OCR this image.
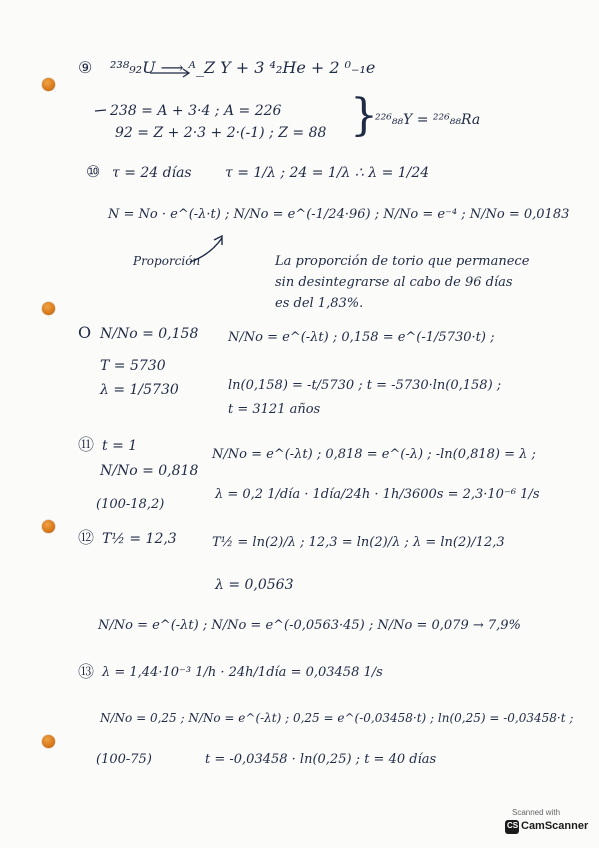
⑨ ²³⁸₉₂U ⟶ ᴬ_Z Y + 3 ⁴₂He + 2 ⁰₋₁e
238 = A + 3·4 ; A = 226
92 = Z + 2·3 + 2·(-1) ; Z = 88 }
²²⁶₈₈Y = ²²⁶₈₈Ra
⑩ τ = 24 días τ = 1/λ ; 24 = 1/λ ∴ λ = 1/24
N = No · e^(-λ·t) ; N/No = e^(-1/24·96) ; N/No = e⁻⁴ ; N/No = 0,0183
Proporción	La proporción de torio que permanece
sin desintegrarse al cabo de 96 días
es del 1,83%.
O N/No = 0,158
T = 5730
λ = 1/5730
N/No = e^(-λt) ; 0,158 = e^(-1/5730·t) ;
ln(0,158) = -t/5730 ; t = -5730·ln(0,158) ;
t = 3121 años
⑪ t = 1
N/No = 0,818
(100-18,2)
N/No = e^(-λt) ; 0,818 = e^(-λ) ; -ln(0,818) = λ ;
λ = 0,2 1/día · 1día/24h · 1h/3600s = 2,3·10⁻⁶ 1/s
⑫ T½ = 12,3	T½ = ln(2)/λ ; 12,3 = ln(2)/λ ; λ = ln(2)/12,3
λ = 0,0563
N/No = e^(-λt) ; N/No = e^(-0,0563·45) ; N/No = 0,079 → 7,9%
⑬ λ = 1,44·10⁻³ 1/h · 24h/1día = 0,03458 1/s
N/No = 0,25 ; N/No = e^(-λt) ; 0,25 = e^(-0,03458·t) ; ln(0,25) = -0,03458·t ;
(100-75)	t = -0,03458 · ln(0,25) ; t = 40 días
Scanned with
CS CamScanner
